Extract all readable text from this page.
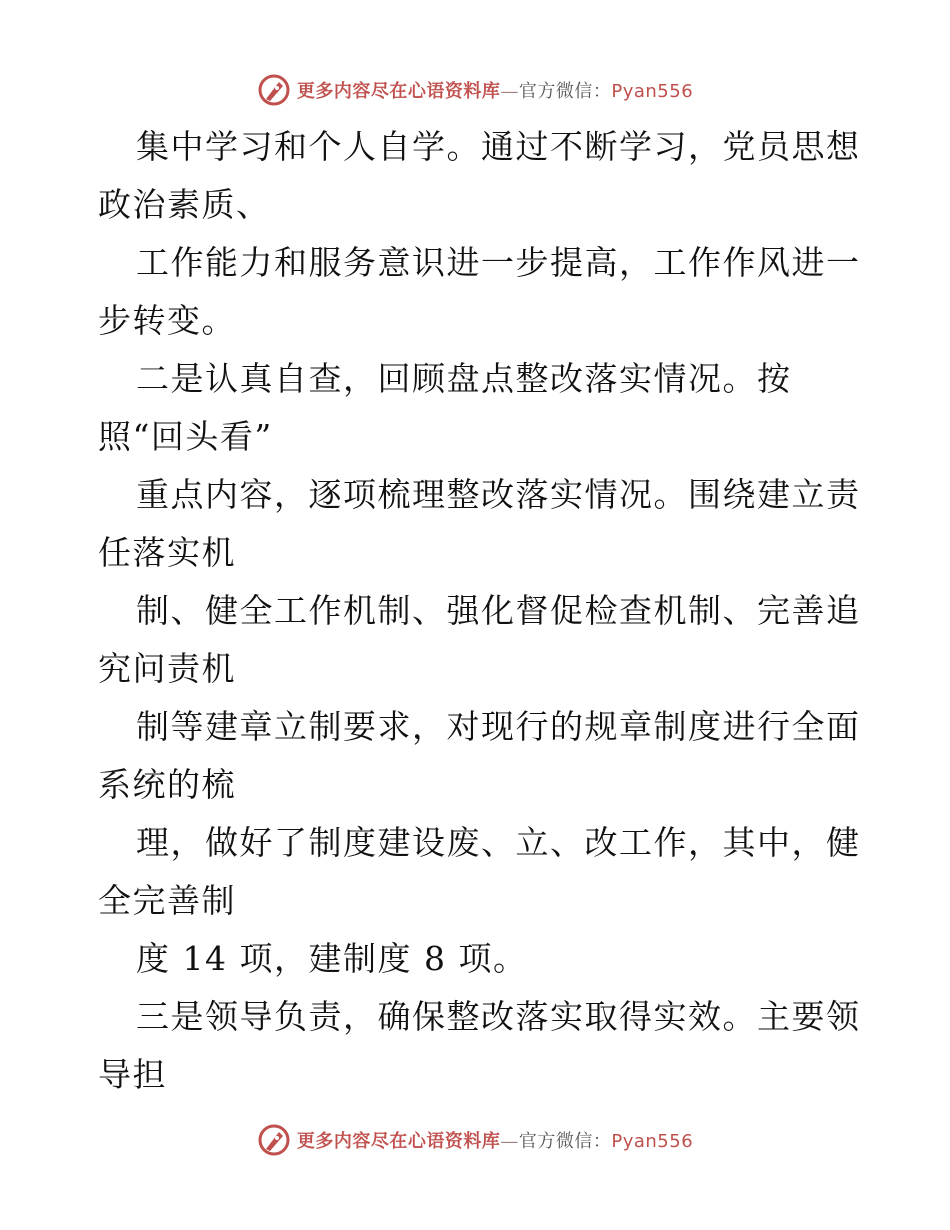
更多内容尽在心语资料库—官方微信：Pyan556
集中学习和个人自学。通过不断学习，党员思想
政治素质、
工作能力和服务意识进一步提高，工作作风进一
步转变。
二是认真自查，回顾盘点整改落实情况。按
照“回头看”
重点内容，逐项梳理整改落实情况。围绕建立责
任落实机
制、健全工作机制、强化督促检查机制、完善追
究问责机
制等建章立制要求，对现行的规章制度进行全面
系统的梳
理，做好了制度建设废、立、改工作，其中，健
全完善制
度 14 项，建制度 8 项。
三是领导负责，确保整改落实取得实效。主要领
导担
更多内容尽在心语资料库—官方微信：Pyan556
